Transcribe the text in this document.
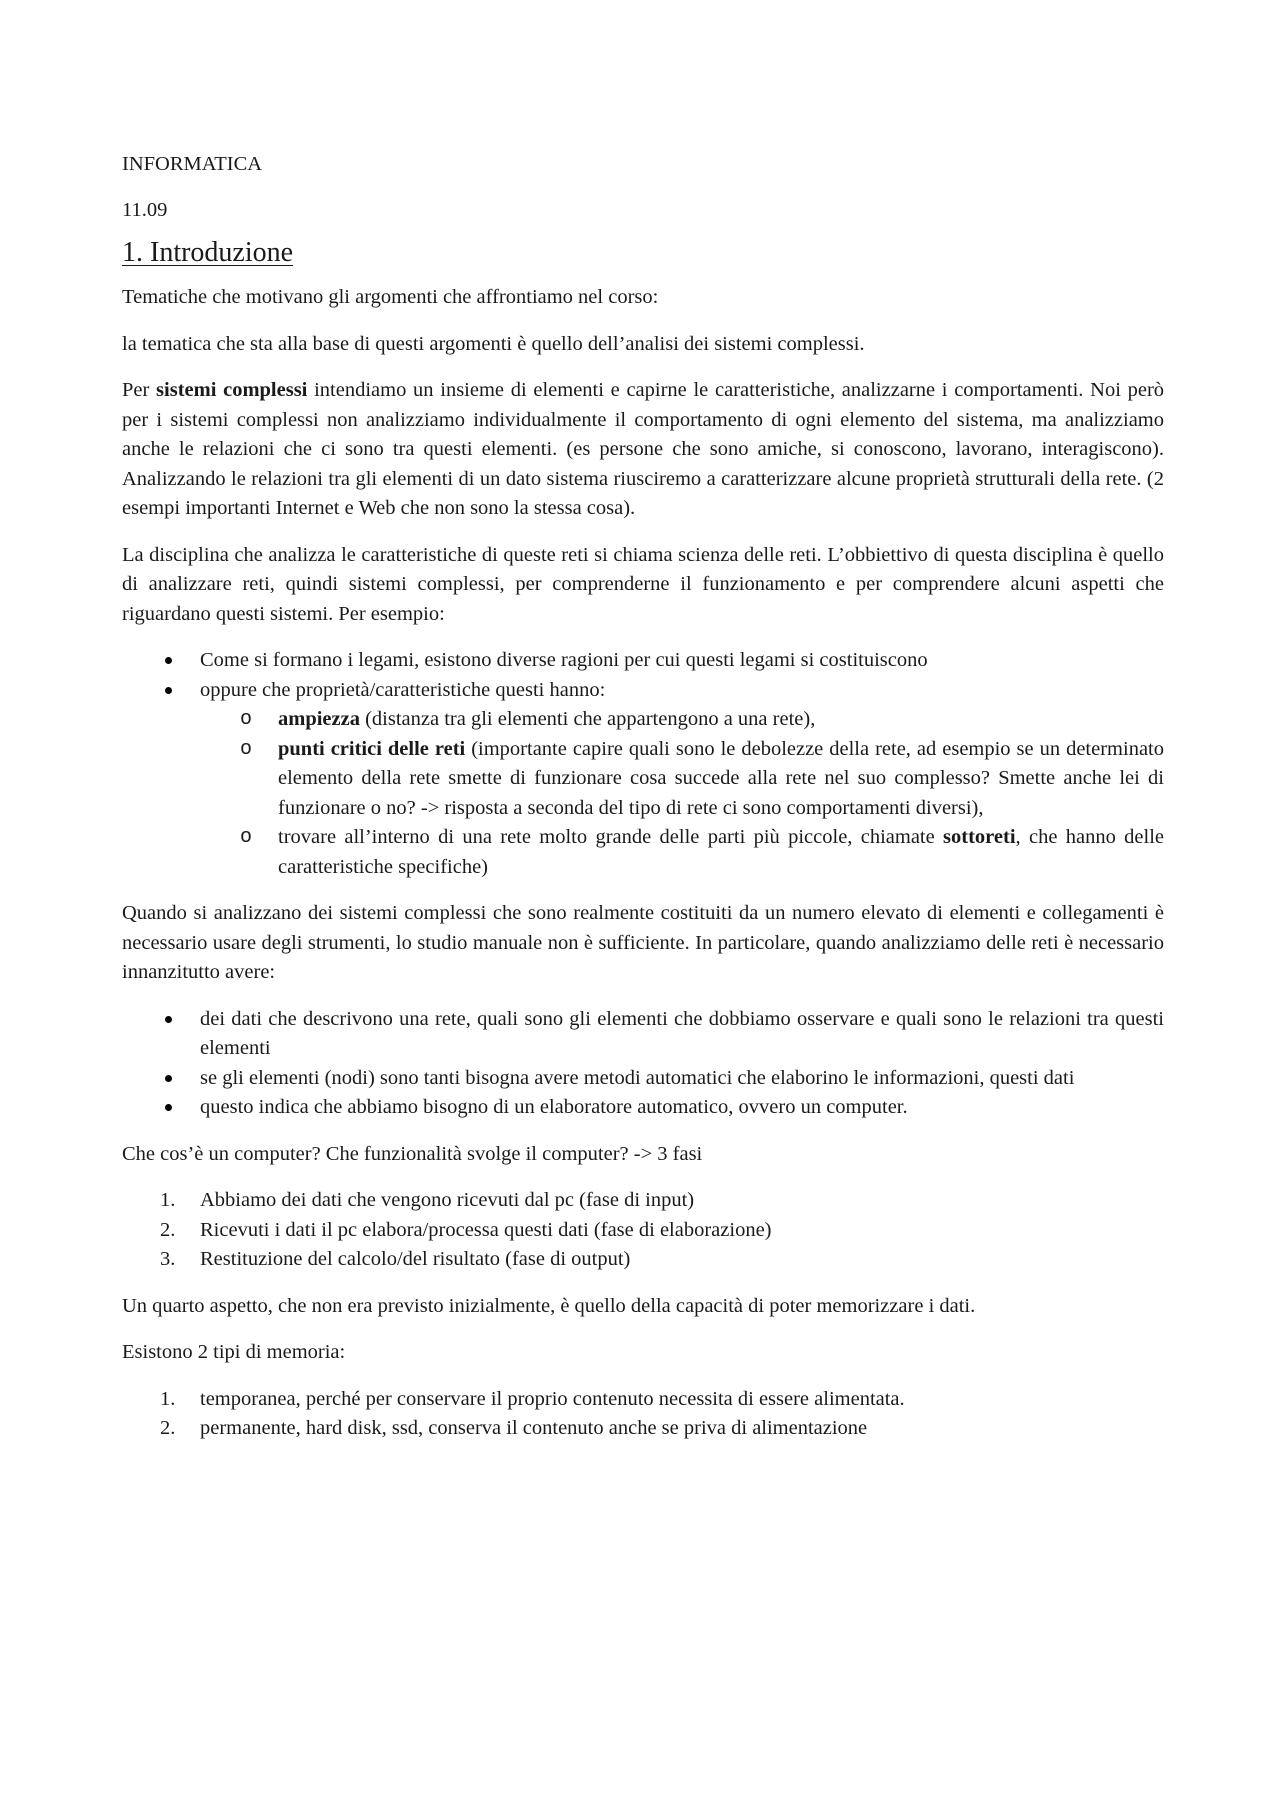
INFORMATICA

11.09

1. Introduzione

Tematiche che motivano gli argomenti che affrontiamo nel corso:

la tematica che sta alla base di questi argomenti è quello dell’analisi dei sistemi complessi.

Per sistemi complessi intendiamo un insieme di elementi e capirne le caratteristiche, analizzarne i comportamenti. Noi però per i sistemi complessi non analizziamo individualmente il comportamento di ogni elemento del sistema, ma analizziamo anche le relazioni che ci sono tra questi elementi. (es persone che sono amiche, si conoscono, lavorano, interagiscono). Analizzando le relazioni tra gli elementi di un dato sistema riusciremo a caratterizzare alcune proprietà strutturali della rete. (2 esempi importanti Internet e Web che non sono la stessa cosa).

La disciplina che analizza le caratteristiche di queste reti si chiama scienza delle reti. L’obbiettivo di questa disciplina è quello di analizzare reti, quindi sistemi complessi, per comprenderne il funzionamento e per comprendere alcuni aspetti che riguardano questi sistemi. Per esempio:

Come si formano i legami, esistono diverse ragioni per cui questi legami si costituiscono
oppure che proprietà/caratteristiche questi hanno:
o ampiezza (distanza tra gli elementi che appartengono a una rete),
o punti critici delle reti (importante capire quali sono le debolezze della rete, ad esempio se un determinato elemento della rete smette di funzionare cosa succede alla rete nel suo complesso? Smette anche lei di funzionare o no? -> risposta a seconda del tipo di rete ci sono comportamenti diversi),
o trovare all’interno di una rete molto grande delle parti più piccole, chiamate sottoreti, che hanno delle caratteristiche specifiche)

Quando si analizzano dei sistemi complessi che sono realmente costituiti da un numero elevato di elementi e collegamenti è necessario usare degli strumenti, lo studio manuale non è sufficiente. In particolare, quando analizziamo delle reti è necessario innanzitutto avere:

dei dati che descrivono una rete, quali sono gli elementi che dobbiamo osservare e quali sono le relazioni tra questi elementi
se gli elementi (nodi) sono tanti bisogna avere metodi automatici che elaborino le informazioni, questi dati
questo indica che abbiamo bisogno di un elaboratore automatico, ovvero un computer.

Che cos’è un computer? Che funzionalità svolge il computer? -> 3 fasi

1. Abbiamo dei dati che vengono ricevuti dal pc (fase di input)
2. Ricevuti i dati il pc elabora/processa questi dati (fase di elaborazione)
3. Restituzione del calcolo/del risultato (fase di output)

Un quarto aspetto, che non era previsto inizialmente, è quello della capacità di poter memorizzare i dati.

Esistono 2 tipi di memoria:

1. temporanea, perché per conservare il proprio contenuto necessita di essere alimentata.
2. permanente, hard disk, ssd, conserva il contenuto anche se priva di alimentazione
